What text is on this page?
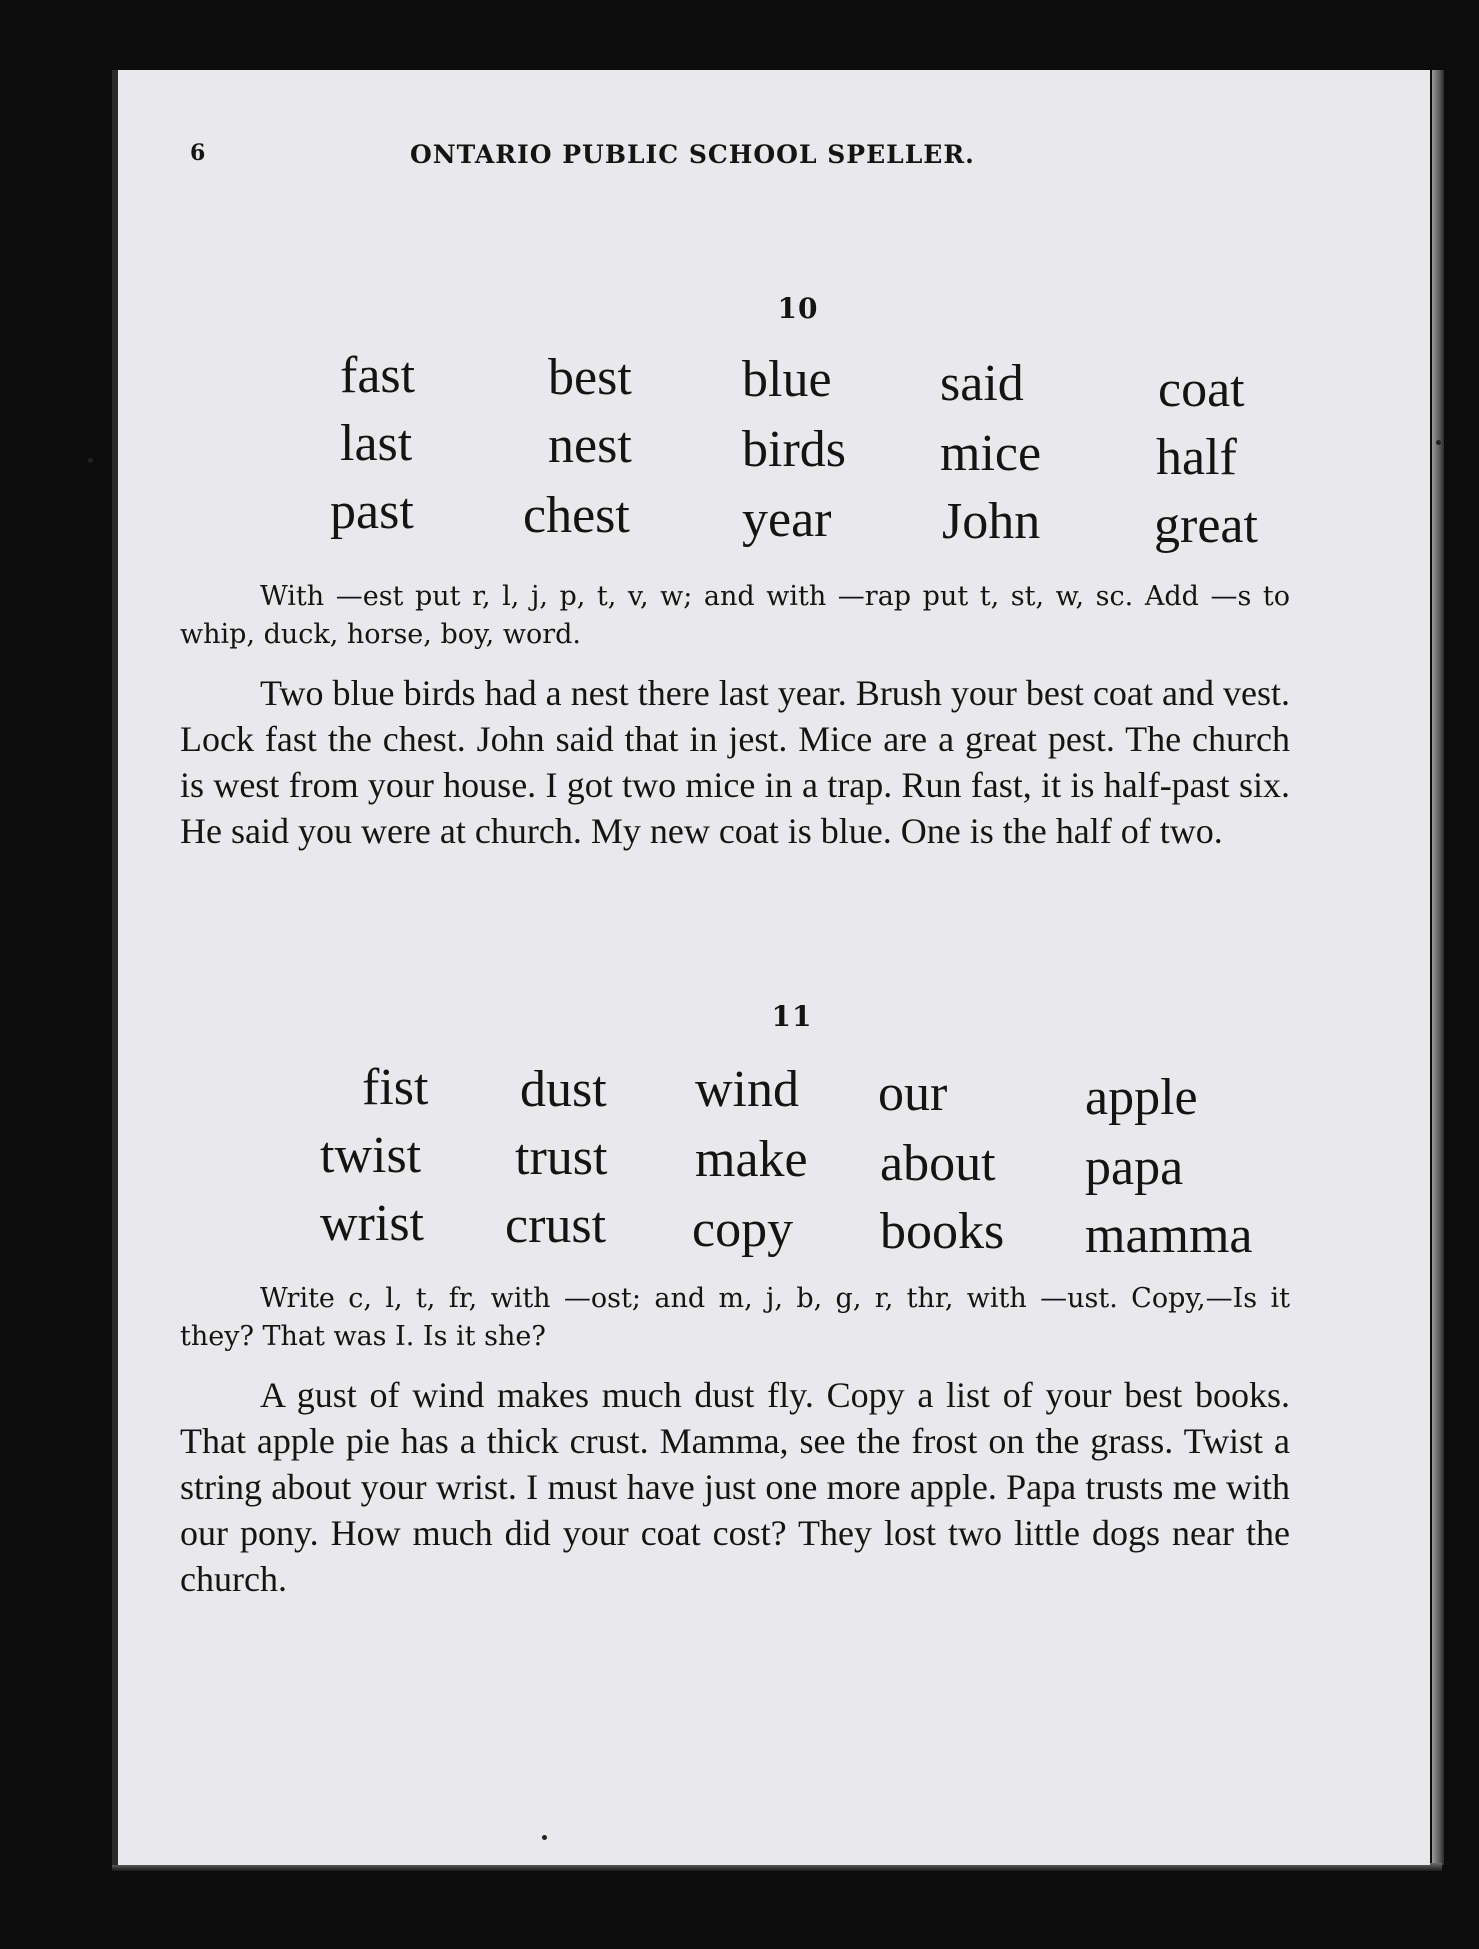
6	ONTARIO PUBLIC SCHOOL SPELLER.
10
fast
last
past
best
nest
chest
blue
birds
year
said
mice
John
coat
half
great

With —est put r, l, j, p, t, v, w; and with —rap put t, st, w, sc. Add —s to whip, duck, horse, boy, word.

Two blue birds had a nest there last year. Brush your best coat and vest. Lock fast the chest. John said that in jest. Mice are a great pest. The church is west from your house. I got two mice in a trap. Run fast, it is half-past six. He said you were at church. My new coat is blue. One is the half of two.

11
fist
twist
wrist
dust
trust
crust
wind
make
copy
our
about
books
apple
papa
mamma

Write c, l, t, fr, with —ost; and m, j, b, g, r, thr, with —ust. Copy,—Is it they? That was I. Is it she?

A gust of wind makes much dust fly. Copy a list of your best books. That apple pie has a thick crust. Mamma, see the frost on the grass. Twist a string about your wrist. I must have just one more apple. Papa trusts me with our pony. How much did your coat cost? They lost two little dogs near the church.
